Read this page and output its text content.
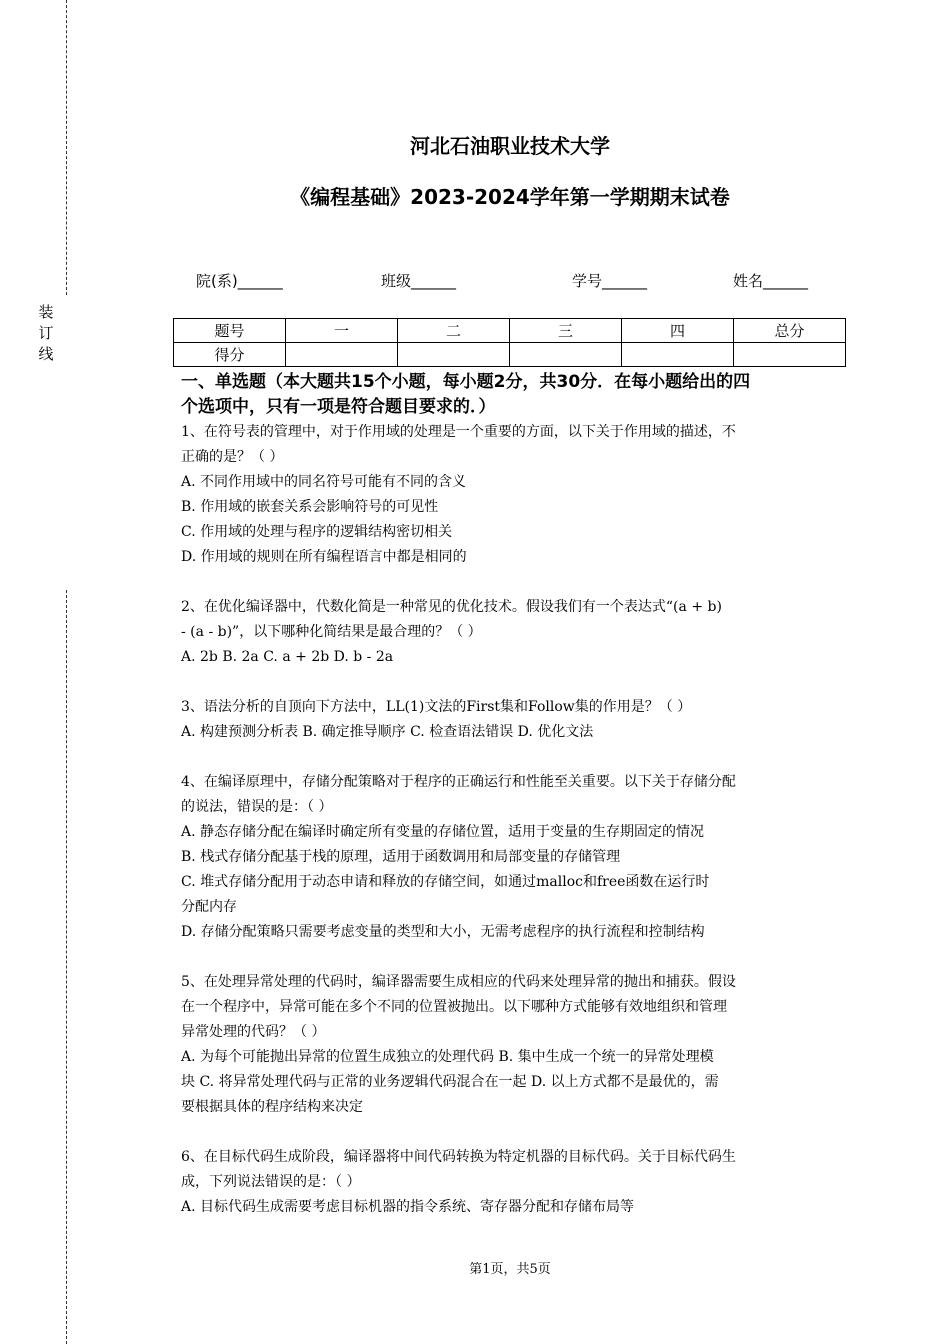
装订线
河北石油职业技术大学
《编程基础》2023-2024学年第一学期期末试卷
院(系)______	班级______	学号______	姓名______
题号	一	二	三	四	总分
得分					

一、单选题（本大题共15个小题，每小题2分，共30分．在每小题给出的四

个选项中，只有一项是符合题目要求的．）

1、在符号表的管理中，对于作用域的处理是一个重要的方面，以下关于作用域的描述，不

正确的是？（ ）

A. 不同作用域中的同名符号可能有不同的含义

B. 作用域的嵌套关系会影响符号的可见性

C. 作用域的处理与程序的逻辑结构密切相关

D. 作用域的规则在所有编程语言中都是相同的

2、在优化编译器中，代数化简是一种常见的优化技术。假设我们有一个表达式“(a + b)

- (a - b)”，以下哪种化简结果是最合理的？（ ）

A. 2b B. 2a C. a + 2b D. b - 2a

3、语法分析的自顶向下方法中，LL(1)文法的First集和Follow集的作用是？（ ）

A. 构建预测分析表 B. 确定推导顺序 C. 检查语法错误 D. 优化文法

4、在编译原理中，存储分配策略对于程序的正确运行和性能至关重要。以下关于存储分配

的说法，错误的是：（ ）

A. 静态存储分配在编译时确定所有变量的存储位置，适用于变量的生存期固定的情况

B. 栈式存储分配基于栈的原理，适用于函数调用和局部变量的存储管理

C. 堆式存储分配用于动态申请和释放的存储空间，如通过malloc和free函数在运行时

分配内存

D. 存储分配策略只需要考虑变量的类型和大小，无需考虑程序的执行流程和控制结构

5、在处理异常处理的代码时，编译器需要生成相应的代码来处理异常的抛出和捕获。假设

在一个程序中，异常可能在多个不同的位置被抛出。以下哪种方式能够有效地组织和管理

异常处理的代码？（ ）

A. 为每个可能抛出异常的位置生成独立的处理代码 B. 集中生成一个统一的异常处理模

块 C. 将异常处理代码与正常的业务逻辑代码混合在一起 D. 以上方式都不是最优的，需

要根据具体的程序结构来决定

6、在目标代码生成阶段，编译器将中间代码转换为特定机器的目标代码。关于目标代码生

成，下列说法错误的是：（ ）

A. 目标代码生成需要考虑目标机器的指令系统、寄存器分配和存储布局等

第1页，共5页
